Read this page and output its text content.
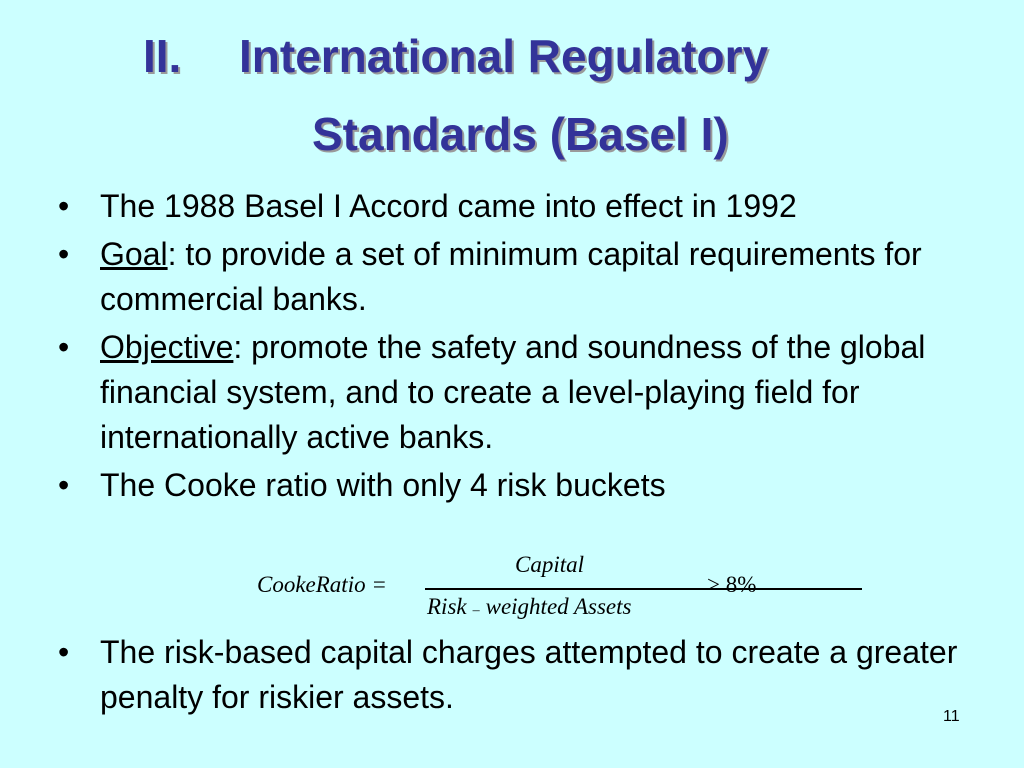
II. International Regulatory
Standards (Basel I)
• The 1988 Basel I Accord came into effect in 1992
• Goal: to provide a set of minimum capital requirements for commercial banks.
• Objective: promote the safety and soundness of the global financial system, and to create a level-playing field for internationally active banks.
• The Cooke ratio with only 4 risk buckets
CookeRatio =
Capital
Risk – weighted Assets
> 8%
• The risk-based capital charges attempted to create a greater penalty for riskier assets.
11
